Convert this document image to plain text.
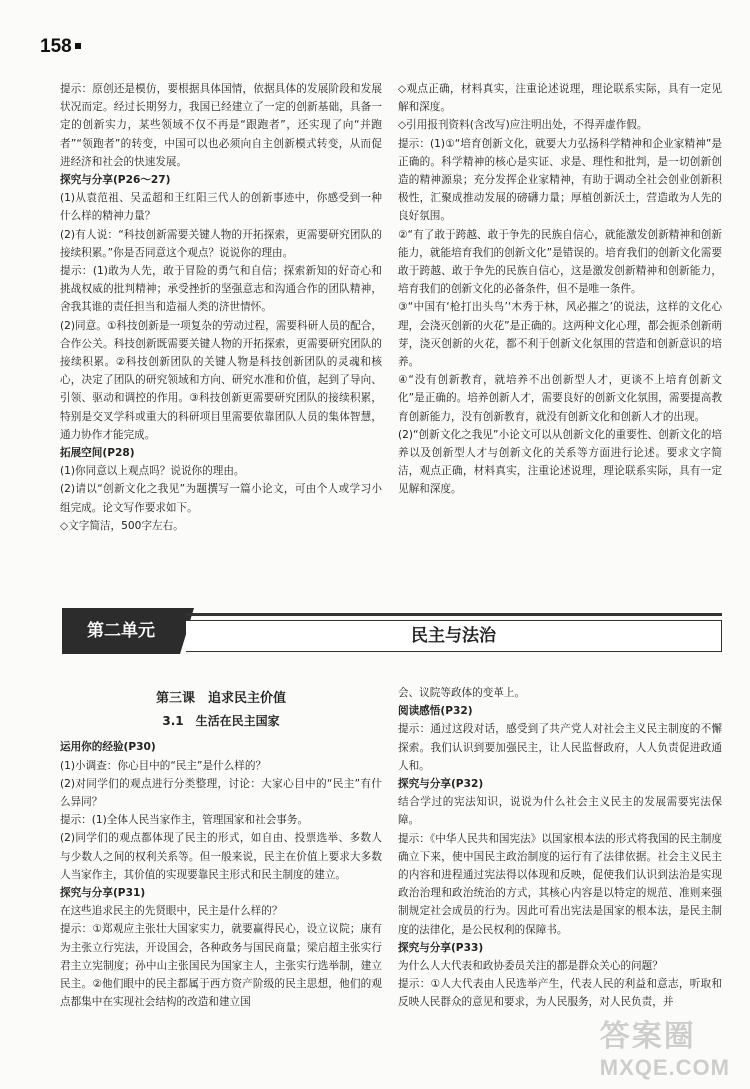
158

提示：原创还是模仿，要根据具体国情，依据具体的发展阶段和发展状况而定。经过长期努力，我国已经建立了一定的创新基础，具备一定的创新实力，某些领域不仅不再是“跟跑者”，还实现了向“并跑者”“领跑者”的转变，中国可以也必须向自主创新模式转变，从而促进经济和社会的快速发展。

探究与分享(P26～27)

(1)从袁范祖、吴孟超和王红阳三代人的创新事迹中，你感受到一种什么样的精神力量？

(2)有人说：“科技创新需要关键人物的开拓探索，更需要研究团队的接续积累。”你是否同意这个观点？说说你的理由。

提示：(1)敢为人先，敢于冒险的勇气和自信；探索新知的好奇心和挑战权威的批判精神；承受挫折的坚强意志和沟通合作的团队精神，舍我其谁的责任担当和造福人类的济世情怀。

(2)同意。①科技创新是一项复杂的劳动过程，需要科研人员的配合，合作公关。科技创新既需要关键人物的开拓探索，更需要研究团队的接续积累。②科技创新团队的关键人物是科技创新团队的灵魂和核心，决定了团队的研究领域和方向、研究水准和价值，起到了导向、引领、驱动和调控的作用。③科技创新更需要研究团队的接续积累，特别是交叉学科或重大的科研项目里需要依靠团队人员的集体智慧，通力协作才能完成。

拓展空间(P28)

(1)你同意以上观点吗？说说你的理由。

(2)请以“创新文化之我见”为题撰写一篇小论文，可由个人或学习小组完成。论文写作要求如下。

◇文字简洁，500字左右。

◇观点正确，材料真实，注重论述说理，理论联系实际，具有一定见解和深度。

◇引用报刊资料(含改写)应注明出处，不得弄虚作假。

提示：(1)①“培育创新文化，就要大力弘扬科学精神和企业家精神”是正确的。科学精神的核心是实证、求是、理性和批判，是一切创新创造的精神源泉；充分发挥企业家精神，有助于调动全社会创业创新积极性，汇聚成推动发展的磅礴力量；厚植创新沃土，营造敢为人先的良好氛围。

②“有了敢于跨越、敢于争先的民族自信心，就能激发创新精神和创新能力，就能培育我们的创新文化”是错误的。培育我们的创新文化需要敢于跨越、敢于争先的民族自信心，这是激发创新精神和创新能力，培育我们的创新文化的必备条件，但不是唯一条件。

③“中国有‘枪打出头鸟’‘木秀于林，风必摧之’的说法，这样的文化心理，会浇灭创新的火花”是正确的。这两种文化心理，都会扼杀创新萌芽，浇灭创新的火花，都不利于创新文化氛围的营造和创新意识的培养。

④“没有创新教育，就培养不出创新型人才，更谈不上培育创新文化”是正确的。培养创新人才，需要良好的创新文化氛围，需要提高教育创新能力，没有创新教育，就没有创新文化和创新人才的出现。

(2)“创新文化之我见”小论文可以从创新文化的重要性、创新文化的培养以及创新型人才与创新文化的关系等方面进行论述。要求文字简洁，观点正确，材料真实，注重论述说理，理论联系实际，具有一定见解和深度。

第二单元	民主与法治
第三课　追求民主价值
3.1　生活在民主国家

运用你的经验(P30)

(1)小调查：你心目中的“民主”是什么样的？

(2)对同学们的观点进行分类整理，讨论：大家心目中的“民主”有什么异同？

提示：(1)全体人民当家作主，管理国家和社会事务。

(2)同学们的观点都体现了民主的形式，如自由、投票选举、多数人与少数人之间的权利关系等。但一般来说，民主在价值上要求大多数人当家作主，其价值的实现要靠民主形式和民主制度的建立。

探究与分享(P31)

在这些追求民主的先贤眼中，民主是什么样的？

提示：①郑观应主张壮大国家实力，就要赢得民心，设立议院；康有为主张立行宪法，开设国会，各种政务与国民商量；梁启超主张实行君主立宪制度；孙中山主张国民为国家主人，主张实行选举制，建立民主。②他们眼中的民主都属于西方资产阶级的民主思想，他们的观点都集中在实现社会结构的改造和建立国

会、议院等政体的变革上。

阅读感悟(P32)

提示：通过这段对话，感受到了共产党人对社会主义民主制度的不懈探索。我们认识到要加强民主，让人民监督政府，人人负责促进政通人和。

探究与分享(P32)

结合学过的宪法知识，说说为什么社会主义民主的发展需要宪法保障。

提示：《中华人民共和国宪法》以国家根本法的形式将我国的民主制度确立下来，使中国民主政治制度的运行有了法律依据。社会主义民主的内容和进程通过宪法得以体现和反映，促使我们认识到法治是实现政治治理和政治统治的方式，其核心内容是以特定的规范、准则来强制规定社会成员的行为。因此可看出宪法是国家的根本法，是民主制度的法律化，是公民权利的保障书。

探究与分享(P33)

为什么人大代表和政协委员关注的都是群众关心的问题？

提示：①人大代表由人民选举产生，代表人民的利益和意志，听取和反映人民群众的意见和要求，为人民服务，对人民负责，并

答案圈
MXQE.COM
